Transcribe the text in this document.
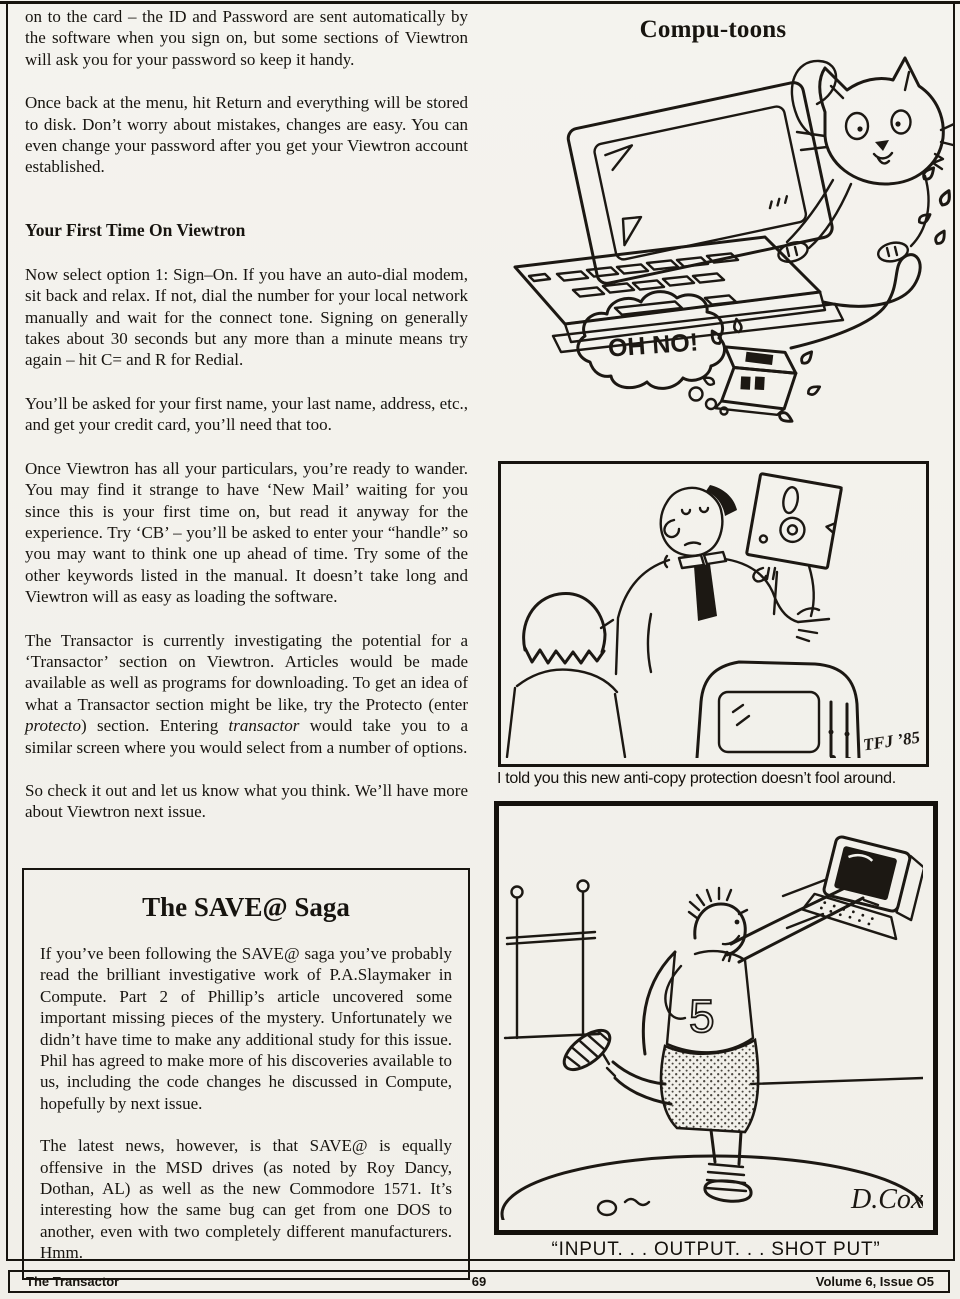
on to the card – the ID and Password are sent automatically by the software when you sign on, but some sections of Viewtron will ask you for your password so keep it handy.

Once back at the menu, hit Return and everything will be stored to disk. Don’t worry about mistakes, changes are easy. You can even change your password after you get your Viewtron account established.

Your First Time On Viewtron

Now select option 1: Sign–On. If you have an auto-dial modem, sit back and relax. If not, dial the number for your local network manually and wait for the connect tone. Signing on generally takes about 30 seconds but any more than a minute means try again – hit C= and R for Redial.

You’ll be asked for your first name, your last name, address, etc., and get your credit card, you’ll need that too.

Once Viewtron has all your particulars, you’re ready to wander. You may find it strange to have ‘New Mail’ waiting for you since this is your first time on, but read it anyway for the experience. Try ‘CB’ – you’ll be asked to enter your “handle” so you may want to think one up ahead of time. Try some of the other keywords listed in the manual. It doesn’t take long and Viewtron will as easy as loading the software.

The Transactor is currently investigating the potential for a ‘Transactor’ section on Viewtron. Articles would be made available as well as programs for downloading. To get an idea of what a Transactor section might be like, try the Protecto (enter protecto) section. Entering transactor would take you to a similar screen where you would select from a number of options.

So check it out and let us know what you think. We’ll have more about Viewtron next issue.

The SAVE@ Saga

If you’ve been following the SAVE@ saga you’ve probably read the brilliant investigative work of P.A.Slaymaker in Compute. Part 2 of Phillip’s article uncovered some important missing pieces of the mystery. Unfortunately we didn’t have time to make any additional study for this issue. Phil has agreed to make more of his discoveries available to us, including the code changes he discussed in Compute, hopefully by next issue.

The latest news, however, is that SAVE@ is equally offensive in the MSD drives (as noted by Roy Dancy, Dothan, AL) as well as the new Commodore 1571. It’s interesting how the same bug can get from one DOS to another, even with two completely different manufacturers. Hmm.

Compu-toons
OH NO!
TFJ ’85
I told you this new anti-copy protection doesn’t fool around.
5
D.Cox
“INPUT. . . OUTPUT. . . SHOT PUT”
69
The Transactor	Volume 6, Issue O5
